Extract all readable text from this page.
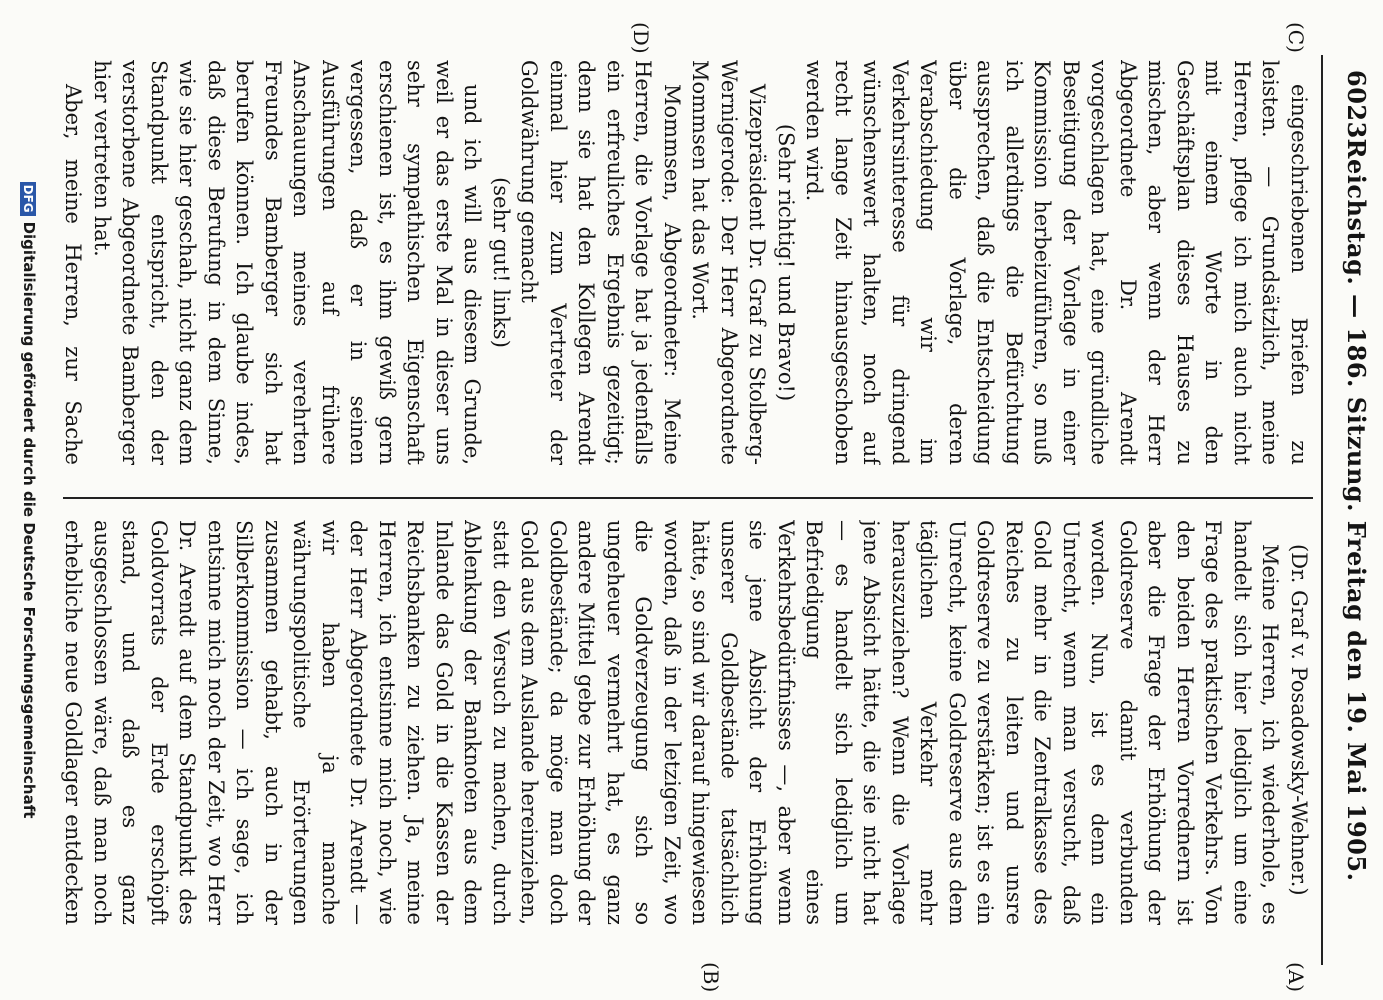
6023
Reichstag. — 186. Sitzung. Freitag den 19. Mai 1905.
(C)
(D)
(A)
(B)

eingeschriebenen Briefen zu leisten. — Grundsätzlich, meine Herren, pflege ich mich auch nicht mit einem Worte in den Geschäftsplan dieses Hauses zu mischen, aber wenn der Herr Abgeordnete Dr. Arendt vorgeschlagen hat, eine gründliche Beseitigung der Vorlage in einer Kommission herbeizuführen, so muß ich allerdings die Befürchtung aussprechen, daß die Entscheidung über die Vorlage, deren Verabschiedung wir im Verkehrsinteresse für dringend wünschenswert halten, noch auf recht lange Zeit hinausgeschoben werden wird.

(Sehr richtig! und Bravo!)

Vizepräsident Dr. Graf zu Stolberg-Wernigerode: Der Herr Abgeordnete Mommsen hat das Wort.

Mommsen, Abgeordneter: Meine Herren, die Vorlage hat ja jedenfalls ein erfreuliches Ergebnis gezeitigt; denn sie hat den Kollegen Arendt einmal hier zum Vertreter der Goldwährung gemacht

(sehr gut! links)

und ich will aus diesem Grunde, weil er das erste Mal in dieser uns sehr sympathischen Eigenschaft erschienen ist, es ihm gewiß gern vergessen, daß er in seinen Ausführungen auf frühere Anschauungen meines verehrten Freundes Bamberger sich hat berufen können. Ich glaube indes, daß diese Berufung in dem Sinne, wie sie hier geschah, nicht ganz dem Standpunkt entspricht, den der verstorbene Abgeordnete Bamberger hier vertreten hat.

Aber, meine Herren, zur Sache

(Dr. Graf v. Posadowsky-Wehner.)

Meine Herren, ich wiederhole, es handelt sich hier lediglich um eine Frage des praktischen Verkehrs. Von den beiden Herren Vorrednern ist aber die Frage der Erhöhung der Goldreserve damit verbunden worden. Nun, ist es denn ein Unrecht, wenn man versucht, daß Gold mehr in die Zentralkasse des Reiches zu leiten und unsre Goldreserve zu verstärken; ist es ein Unrecht, keine Goldreserve aus dem täglichen Verkehr mehr herauszuziehen? Wenn die Vorlage jene Absicht hätte, die sie nicht hat — es handelt sich lediglich um Befriedigung eines Verkehrsbedürfnisses —, aber wenn sie jene Absicht der Erhöhung unserer Goldbestände tatsächlich hätte, so sind wir darauf hingewiesen worden, daß in der letzigen Zeit, wo die Goldverzeugung sich so ungeheuer vermehrt hat, es ganz andere Mittel gebe zur Erhöhung der Goldbestände; da möge man doch Gold aus dem Auslande hereinziehen, statt den Versuch zu machen, durch Ablenkung der Banknoten aus dem Inlande das Gold in die Kassen der Reichsbanken zu ziehen. Ja, meine Herren, ich entsinne mich noch, wie der Herr Abgeordnete Dr. Arendt — wir haben ja manche währungspolitische Erörterungen zusammen gehabt, auch in der Silberkommission — ich sage, ich entsinne mich noch der Zeit, wo Herr Dr. Arendt auf dem Standpunkt des Goldvorrats der Erde erschöpft stand, und daß es ganz ausgeschlossen wäre, daß man noch erhebliche neue Goldlager entdecken

DFGDigitalisierung gefördert durch die Deutsche Forschungsgemeinschaft
